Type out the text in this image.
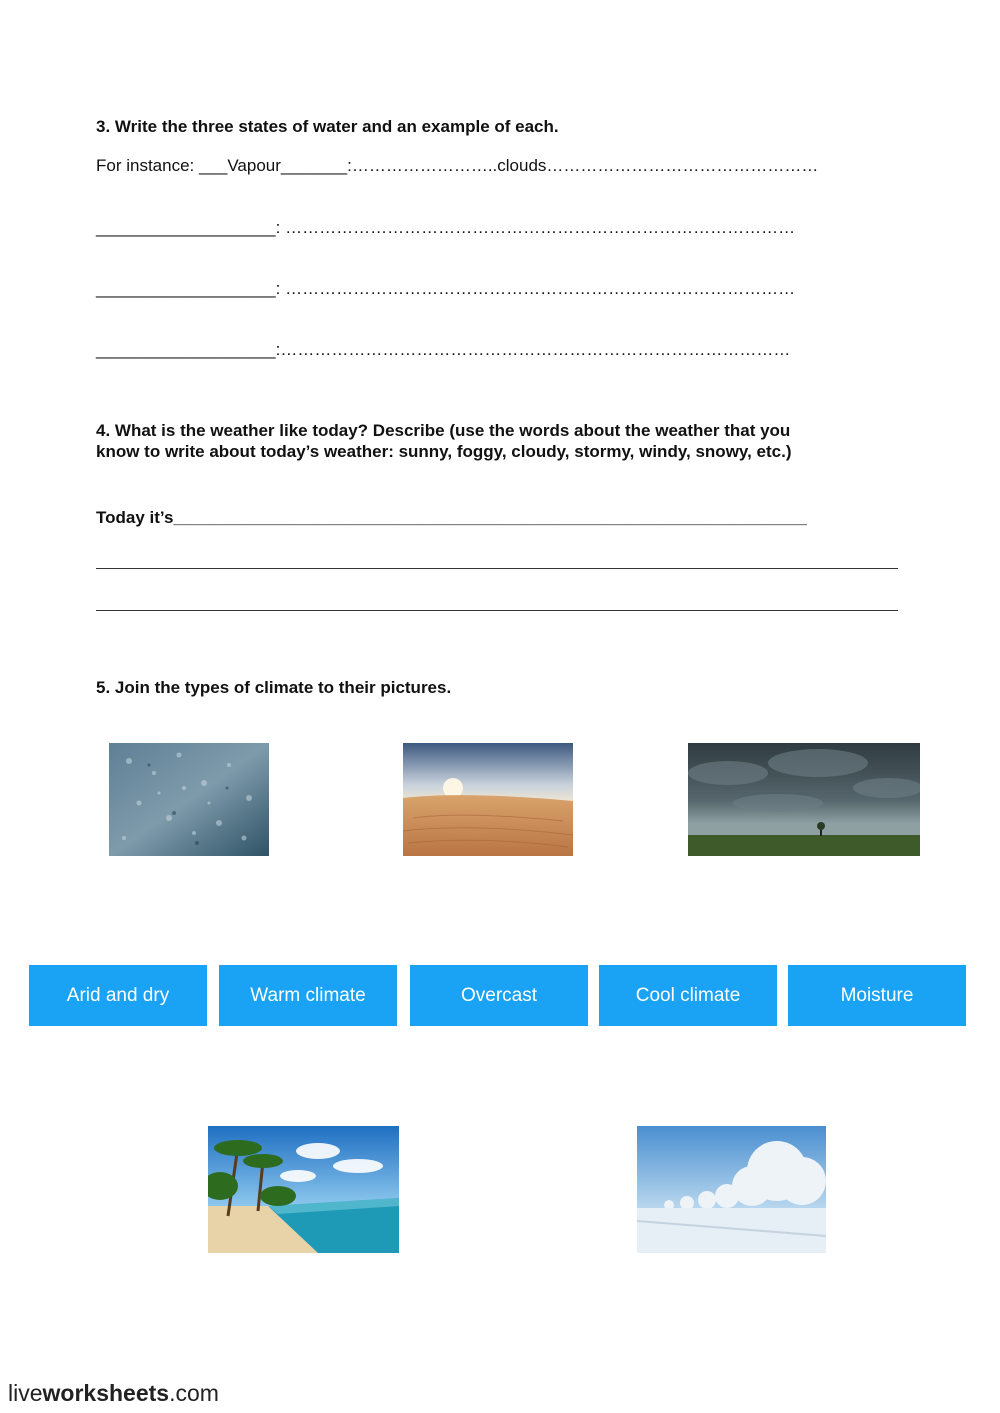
3. Write the three states of water and an example of each.
For instance: ___Vapour_______:……………………..clouds…………………………………………
___________________: ………………………………………………………………………………
___________________: ………………………………………………………………………………
___________________:………………………………………………………………………………
4. What is the weather like today? Describe (use the words about the weather that you
know to write about today’s weather: sunny, foggy, cloudy, stormy, windy, snowy, etc.)
Today it’s___________________________________________________________________
5. Join the types of climate to their pictures.
Arid and dry	Warm climate	Overcast	Cool climate	Moisture
liveworksheets.com
